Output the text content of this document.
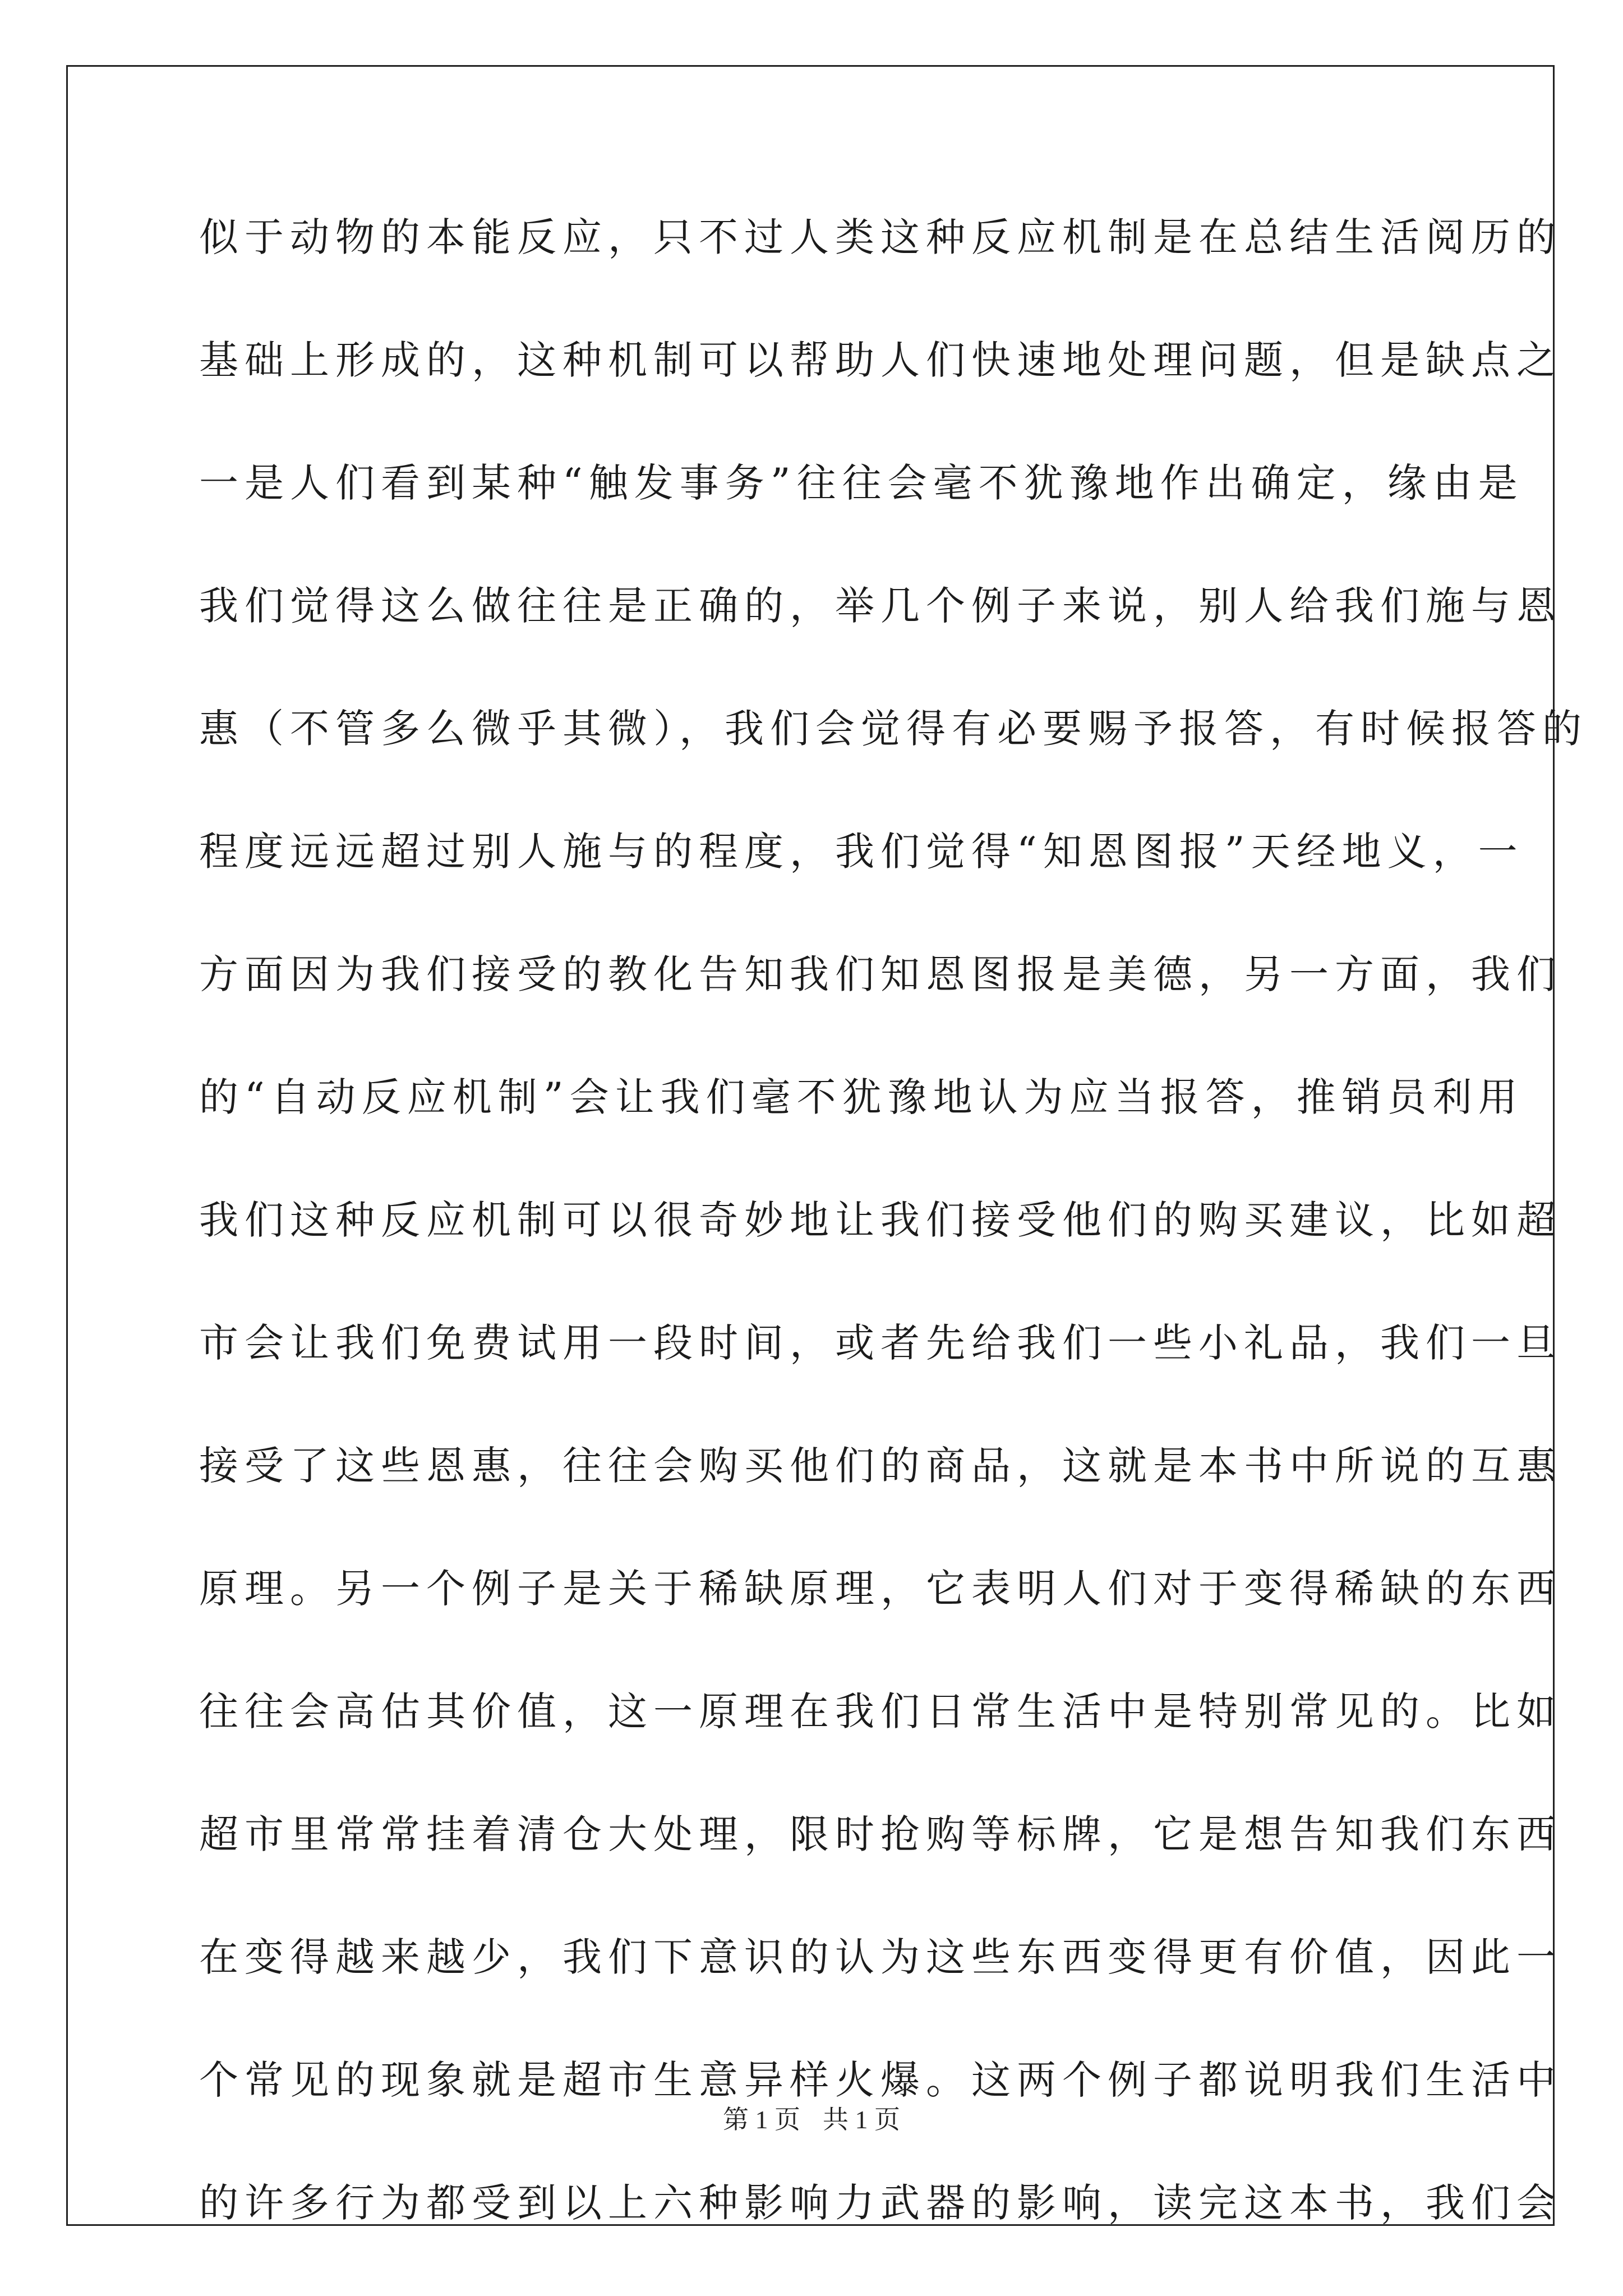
似于动物的本能反应，只不过人类这种反应机制是在总结生活阅历的
基础上形成的，这种机制可以帮助人们快速地处理问题，但是缺点之
一是人们看到某种“触发事务”往往会毫不犹豫地作出确定，缘由是
我们觉得这么做往往是正确的，举几个例子来说，别人给我们施与恩
惠（不管多么微乎其微），我们会觉得有必要赐予报答，有时候报答的
程度远远超过别人施与的程度，我们觉得“知恩图报”天经地义，一
方面因为我们接受的教化告知我们知恩图报是美德，另一方面，我们
的“自动反应机制”会让我们毫不犹豫地认为应当报答，推销员利用
我们这种反应机制可以很奇妙地让我们接受他们的购买建议，比如超
市会让我们免费试用一段时间，或者先给我们一些小礼品，我们一旦
接受了这些恩惠，往往会购买他们的商品，这就是本书中所说的互惠
原理。另一个例子是关于稀缺原理，它表明人们对于变得稀缺的东西
往往会高估其价值，这一原理在我们日常生活中是特别常见的。比如
超市里常常挂着清仓大处理，限时抢购等标牌，它是想告知我们东西
在变得越来越少，我们下意识的认为这些东西变得更有价值，因此一
个常见的现象就是超市生意异样火爆。这两个例子都说明我们生活中
的许多行为都受到以上六种影响力武器的影响，读完这本书，我们会
第 1 页 共 1 页
